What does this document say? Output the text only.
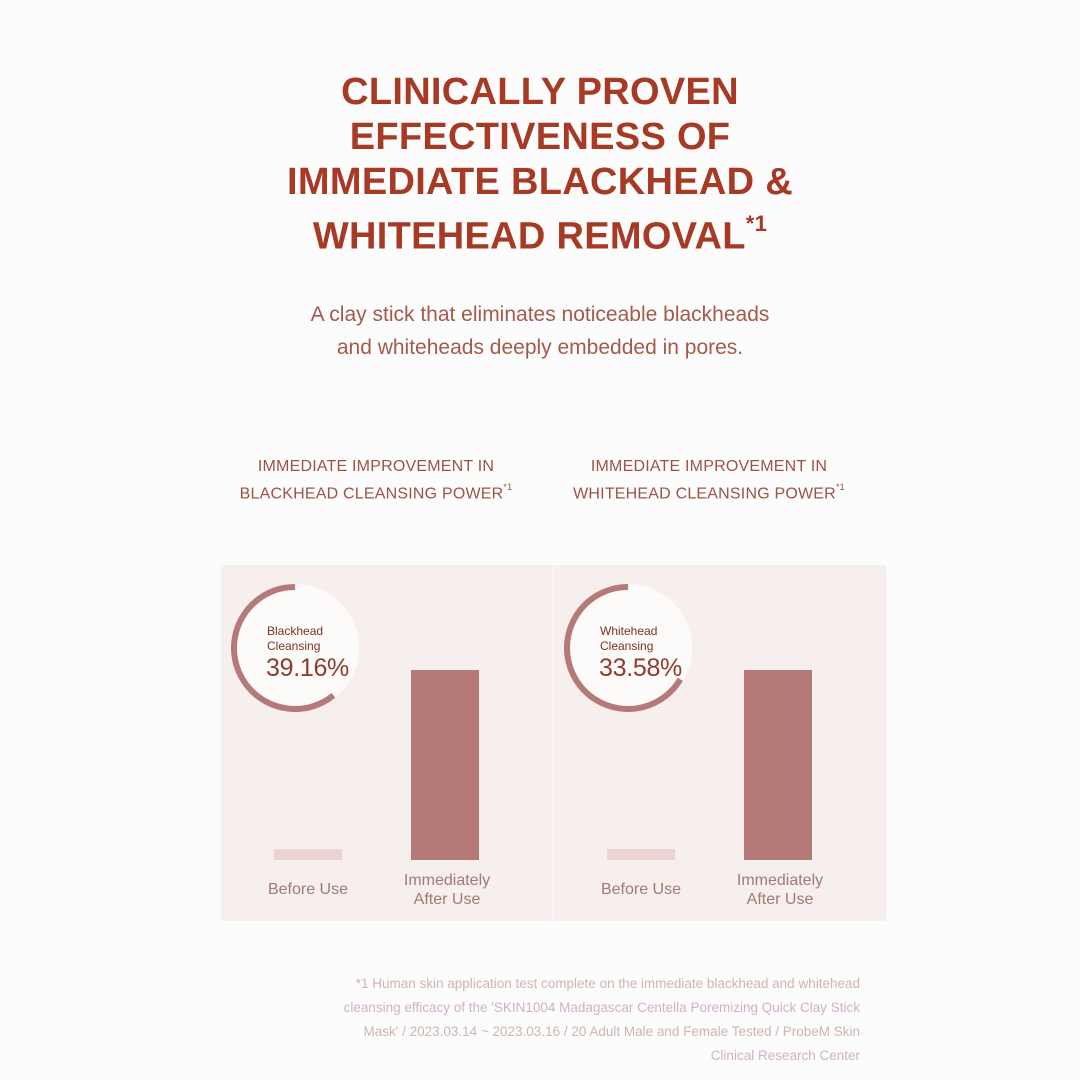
CLINICALLY PROVEN
EFFECTIVENESS OF
IMMEDIATE BLACKHEAD &
WHITEHEAD REMOVAL$^{*1}$

A clay stick that eliminates noticeable blackheads
and whiteheads deeply embedded in pores.

IMMEDIATE IMPROVEMENT IN
BLACKHEAD CLEANSING POWER$^{*1}$
Blackhead
Cleansing
39.16%
Before Use
Immediately
After Use
IMMEDIATE IMPROVEMENT IN
WHITEHEAD CLEANSING POWER$^{*1}$
Whitehead
Cleansing
33.58%
Before Use
Immediately
After Use
*1 Human skin application test complete on the immediate blackhead and whitehead
cleansing efficacy of the 'SKIN1004 Madagascar Centella Poremizing Quick Clay Stick
Mask' / 2023.03.14 ~ 2023.03.16 / 20 Adult Male and Female Tested / ProbeM Skin
Clinical Research Center
